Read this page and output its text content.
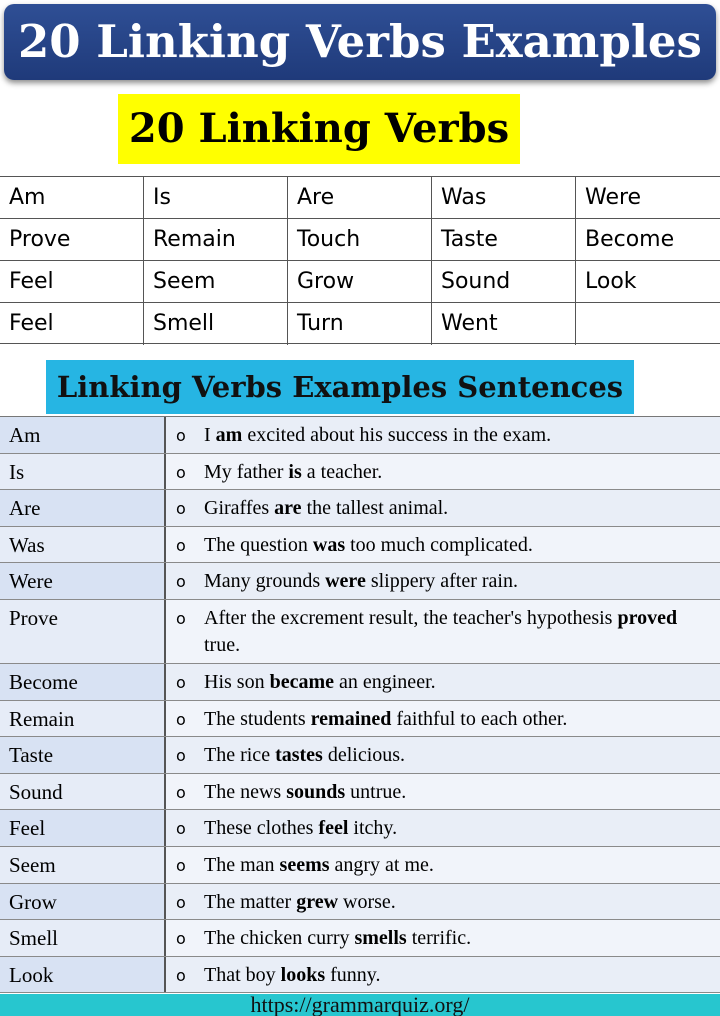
20 Linking Verbs Examples
20 Linking Verbs
Am	Is	Are	Was	Were
Prove	Remain	Touch	Taste	Become
Feel	Seem	Grow	Sound	Look
Feel	Smell	Turn	Went
Linking Verbs Examples Sentences
Am	o I am excited about his success in the exam.
Is	o My father is a teacher.
Are	o Giraffes are the tallest animal.
Was	o The question was too much complicated.
Were	o Many grounds were slippery after rain.
Prove	o After the excrement result, the teacher's hypothesis proved true.
Become	o His son became an engineer.
Remain	o The students remained faithful to each other.
Taste	o The rice tastes delicious.
Sound	o The news sounds untrue.
Feel	o These clothes feel itchy.
Seem	o The man seems angry at me.
Grow	o The matter grew worse.
Smell	o The chicken curry smells terrific.
Look	o That boy looks funny.
https://grammarquiz.org/
